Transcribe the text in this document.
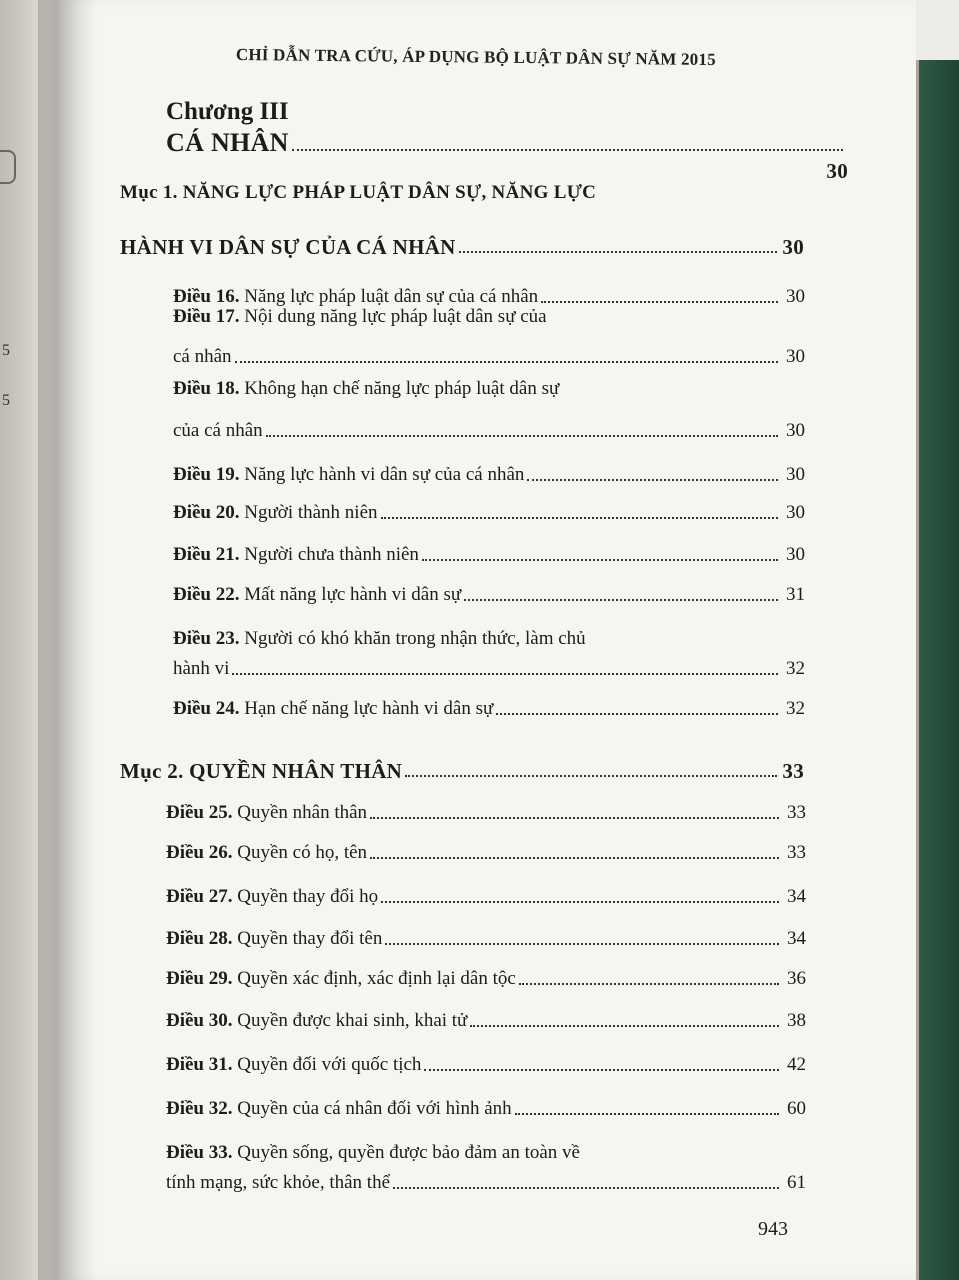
5
5
CHỈ DẪN TRA CỨU, ÁP DỤNG BỘ LUẬT DÂN SỰ NĂM 2015
Chương III
CÁ NHÂN
30
Mục 1. NĂNG LỰC PHÁP LUẬT DÂN SỰ, NĂNG LỰC
HÀNH VI DÂN SỰ CỦA CÁ NHÂN	30
Điều 16. Năng lực pháp luật dân sự của cá nhân	30
Điều 17. Nội dung năng lực pháp luật dân sự của
cá nhân	30
Điều 18. Không hạn chế năng lực pháp luật dân sự
của cá nhân	30
Điều 19. Năng lực hành vi dân sự của cá nhân	30
Điều 20. Người thành niên	30
Điều 21. Người chưa thành niên	30
Điều 22. Mất năng lực hành vi dân sự	31
Điều 23. Người có khó khăn trong nhận thức, làm chủ
hành vi	32
Điều 24. Hạn chế năng lực hành vi dân sự	32
Mục 2. QUYỀN NHÂN THÂN	33
Điều 25. Quyền nhân thân	33
Điều 26. Quyền có họ, tên	33
Điều 27. Quyền thay đổi họ	34
Điều 28. Quyền thay đổi tên	34
Điều 29. Quyền xác định, xác định lại dân tộc	36
Điều 30. Quyền được khai sinh, khai tử	38
Điều 31. Quyền đối với quốc tịch	42
Điều 32. Quyền của cá nhân đối với hình ảnh	60
Điều 33. Quyền sống, quyền được bảo đảm an toàn về
tính mạng, sức khỏe, thân thể	61
943
